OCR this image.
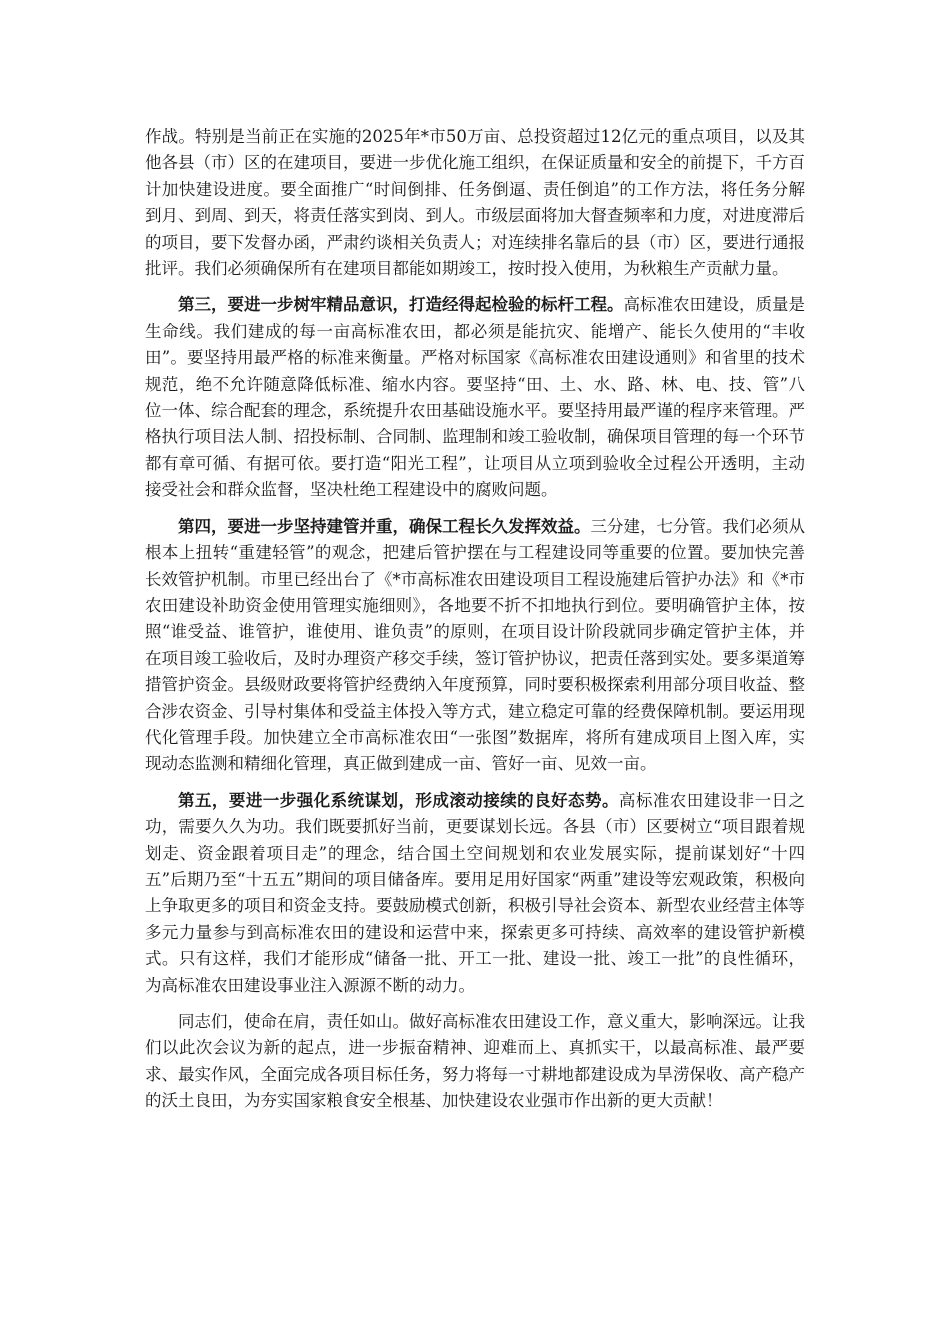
作战。特别是当前正在实施的2025年*市50万亩、总投资超过12亿元的重点项目，以及其他各县（市）区的在建项目，要进一步优化施工组织，在保证质量和安全的前提下，千方百计加快建设进度。要全面推广“时间倒排、任务倒逼、责任倒追”的工作方法，将任务分解到月、到周、到天，将责任落实到岗、到人。市级层面将加大督查频率和力度，对进度滞后的项目，要下发督办函，严肃约谈相关负责人；对连续排名靠后的县（市）区，要进行通报批评。我们必须确保所有在建项目都能如期竣工，按时投入使用，为秋粮生产贡献力量。

第三，要进一步树牢精品意识，打造经得起检验的标杆工程。高标准农田建设，质量是生命线。我们建成的每一亩高标准农田，都必须是能抗灾、能增产、能长久使用的“丰收田”。要坚持用最严格的标准来衡量。严格对标国家《高标准农田建设通则》和省里的技术规范，绝不允许随意降低标准、缩水内容。要坚持“田、土、水、路、林、电、技、管”八位一体、综合配套的理念，系统提升农田基础设施水平。要坚持用最严谨的程序来管理。严格执行项目法人制、招投标制、合同制、监理制和竣工验收制，确保项目管理的每一个环节都有章可循、有据可依。要打造“阳光工程”，让项目从立项到验收全过程公开透明，主动接受社会和群众监督，坚决杜绝工程建设中的腐败问题。

第四，要进一步坚持建管并重，确保工程长久发挥效益。三分建，七分管。我们必须从根本上扭转“重建轻管”的观念，把建后管护摆在与工程建设同等重要的位置。要加快完善长效管护机制。市里已经出台了《*市高标准农田建设项目工程设施建后管护办法》和《*市农田建设补助资金使用管理实施细则》，各地要不折不扣地执行到位。要明确管护主体，按照“谁受益、谁管护，谁使用、谁负责”的原则，在项目设计阶段就同步确定管护主体，并在项目竣工验收后，及时办理资产移交手续，签订管护协议，把责任落到实处。要多渠道筹措管护资金。县级财政要将管护经费纳入年度预算，同时要积极探索利用部分项目收益、整合涉农资金、引导村集体和受益主体投入等方式，建立稳定可靠的经费保障机制。要运用现代化管理手段。加快建立全市高标准农田“一张图”数据库，将所有建成项目上图入库，实现动态监测和精细化管理，真正做到建成一亩、管好一亩、见效一亩。

第五，要进一步强化系统谋划，形成滚动接续的良好态势。高标准农田建设非一日之功，需要久久为功。我们既要抓好当前，更要谋划长远。各县（市）区要树立“项目跟着规划走、资金跟着项目走”的理念，结合国土空间规划和农业发展实际，提前谋划好“十四五”后期乃至“十五五”期间的项目储备库。要用足用好国家“两重”建设等宏观政策，积极向上争取更多的项目和资金支持。要鼓励模式创新，积极引导社会资本、新型农业经营主体等多元力量参与到高标准农田的建设和运营中来，探索更多可持续、高效率的建设管护新模式。只有这样，我们才能形成“储备一批、开工一批、建设一批、竣工一批”的良性循环，为高标准农田建设事业注入源源不断的动力。

同志们，使命在肩，责任如山。做好高标准农田建设工作，意义重大，影响深远。让我们以此次会议为新的起点，进一步振奋精神、迎难而上、真抓实干，以最高标准、最严要求、最实作风，全面完成各项目标任务，努力将每一寸耕地都建设成为旱涝保收、高产稳产的沃土良田，为夯实国家粮食安全根基、加快建设农业强市作出新的更大贡献！
